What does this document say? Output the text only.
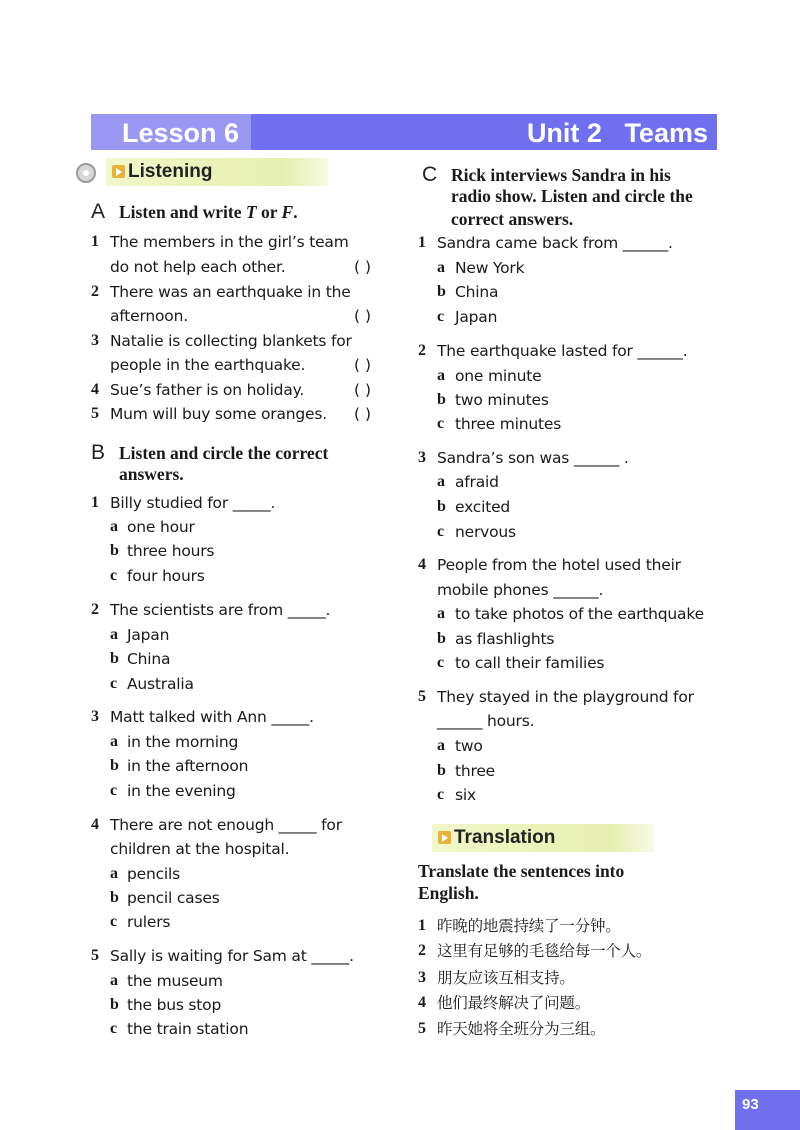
Lesson 6	Unit 2   Teams
Listening
A Listen and write T or F.
1 The members in the girl’s team
do not help each other.	( )
2 There was an earthquake in the
afternoon.	( )
3 Natalie is collecting blankets for
people in the earthquake.	( )
4 Sue’s father is on holiday.	( )
5 Mum will buy some oranges. ( )
B Listen and circle the correct
answers.
1 Billy studied for _____.
a one hour
b three hours
c four hours
2 The scientists are from _____.
a Japan
b China
c Australia
3 Matt talked with Ann _____.
a in the morning
b in the afternoon
c in the evening
4 There are not enough _____ for
children at the hospital.
a pencils
b pencil cases
c rulers
5 Sally is waiting for Sam at _____.
a the museum
b the bus stop
c the train station
C Rick interviews Sandra in his
radio show. Listen and circle the
correct answers.
1 Sandra came back from ______.
a New York
b China
c Japan
2 The earthquake lasted for ______.
a one minute
b two minutes
c three minutes
3 Sandra’s son was ______ .
a afraid
b excited
c nervous
4 People from the hotel used their
mobile phones ______.
a to take photos of the earthquake
b as flashlights
c to call their families
5 They stayed in the playground for
______ hours.
a two
b three
c six
Translation
Translate the sentences into
English.
1 昨晚的地震持续了一分钟。
2 这里有足够的毛毯给每一个人。
3 朋友应该互相支持。
4 他们最终解决了问题。
5 昨天她将全班分为三组。
93
